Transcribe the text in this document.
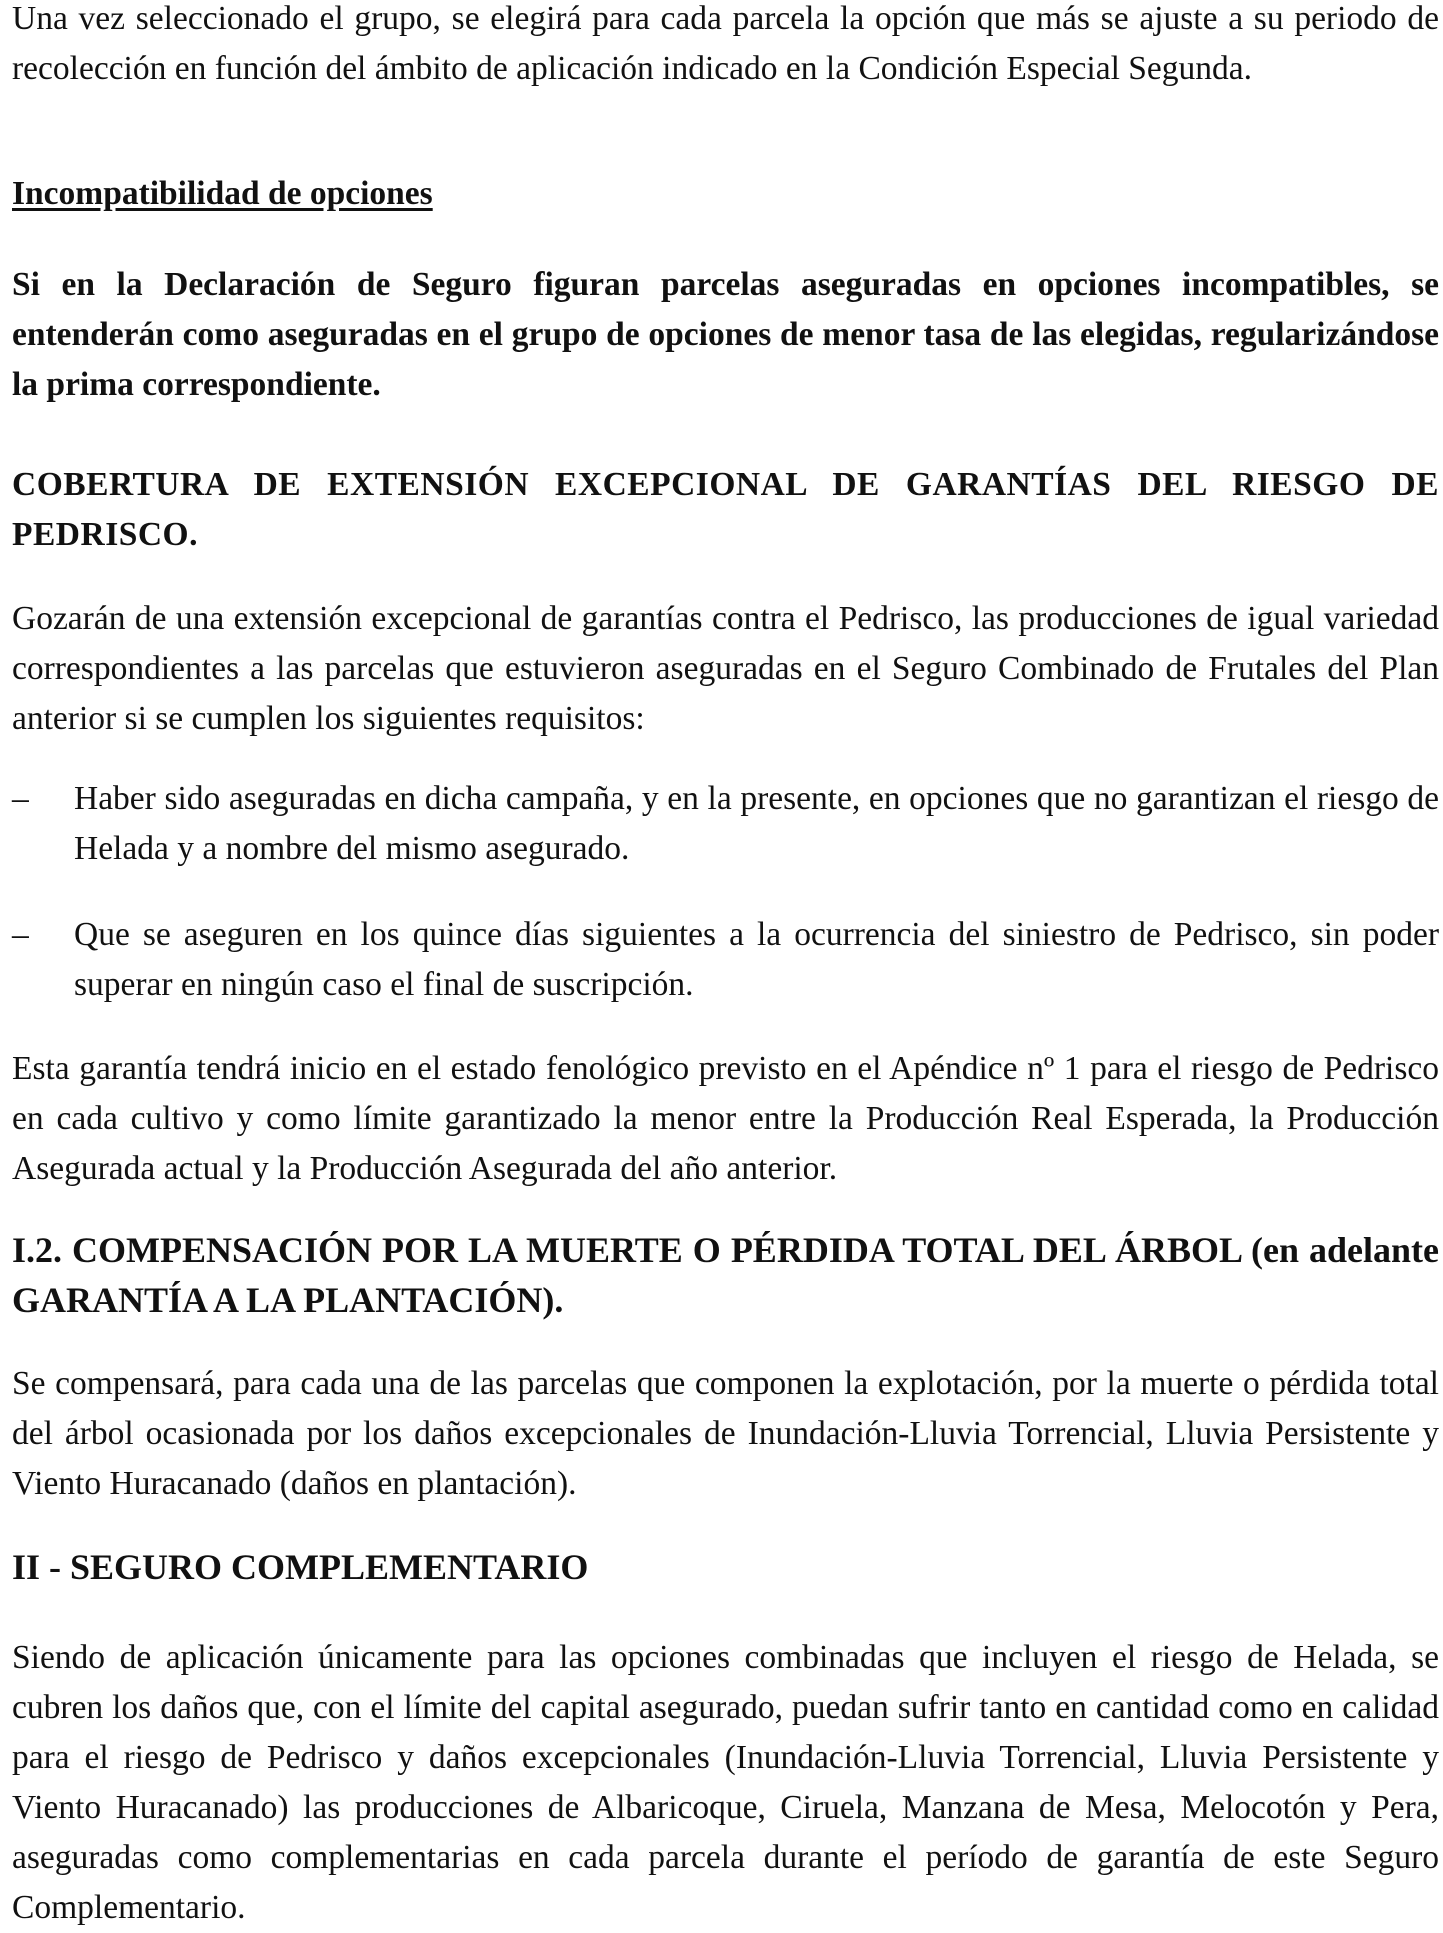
Una vez seleccionado el grupo, se elegirá para cada parcela la opción que más se ajuste a su periodo de recolección en función del ámbito de aplicación indicado en la Condición Especial Segunda.

Incompatibilidad de opciones

Si en la Declaración de Seguro figuran parcelas aseguradas en opciones incompatibles, se entenderán como aseguradas en el grupo de opciones de menor tasa de las elegidas, regularizándose la prima correspondiente.

COBERTURA DE EXTENSIÓN EXCEPCIONAL DE GARANTÍAS DEL RIESGO DE PEDRISCO.

Gozarán de una extensión excepcional de garantías contra el Pedrisco, las producciones de igual variedad correspondientes a las parcelas que estuvieron aseguradas en el Seguro Combinado de Frutales del Plan anterior si se cumplen los siguientes requisitos:

–	Haber sido aseguradas en dicha campaña, y en la presente, en opciones que no garantizan el riesgo de Helada y a nombre del mismo asegurado.

–	Que se aseguren en los quince días siguientes a la ocurrencia del siniestro de Pedrisco, sin poder superar en ningún caso el final de suscripción.

Esta garantía tendrá inicio en el estado fenológico previsto en el Apéndice nº 1 para el riesgo de Pedrisco en cada cultivo y como límite garantizado la menor entre la Producción Real Esperada, la Producción Asegurada actual y la Producción Asegurada del año anterior.

I.2. COMPENSACIÓN POR LA MUERTE O PÉRDIDA TOTAL DEL ÁRBOL (en adelante GARANTÍA A LA PLANTACIÓN).

Se compensará, para cada una de las parcelas que componen la explotación, por la muerte o pérdida total del árbol ocasionada por los daños excepcionales de Inundación-Lluvia Torrencial, Lluvia Persistente y Viento Huracanado (daños en plantación).

II - SEGURO COMPLEMENTARIO

Siendo de aplicación únicamente para las opciones combinadas que incluyen el riesgo de Helada, se cubren los daños que, con el límite del capital asegurado, puedan sufrir tanto en cantidad como en calidad para el riesgo de Pedrisco y daños excepcionales (Inundación-Lluvia Torrencial, Lluvia Persistente y Viento Huracanado) las producciones de Albaricoque, Ciruela, Manzana de Mesa, Melocotón y Pera, aseguradas como complementarias en cada parcela durante el período de garantía de este Seguro Complementario.
